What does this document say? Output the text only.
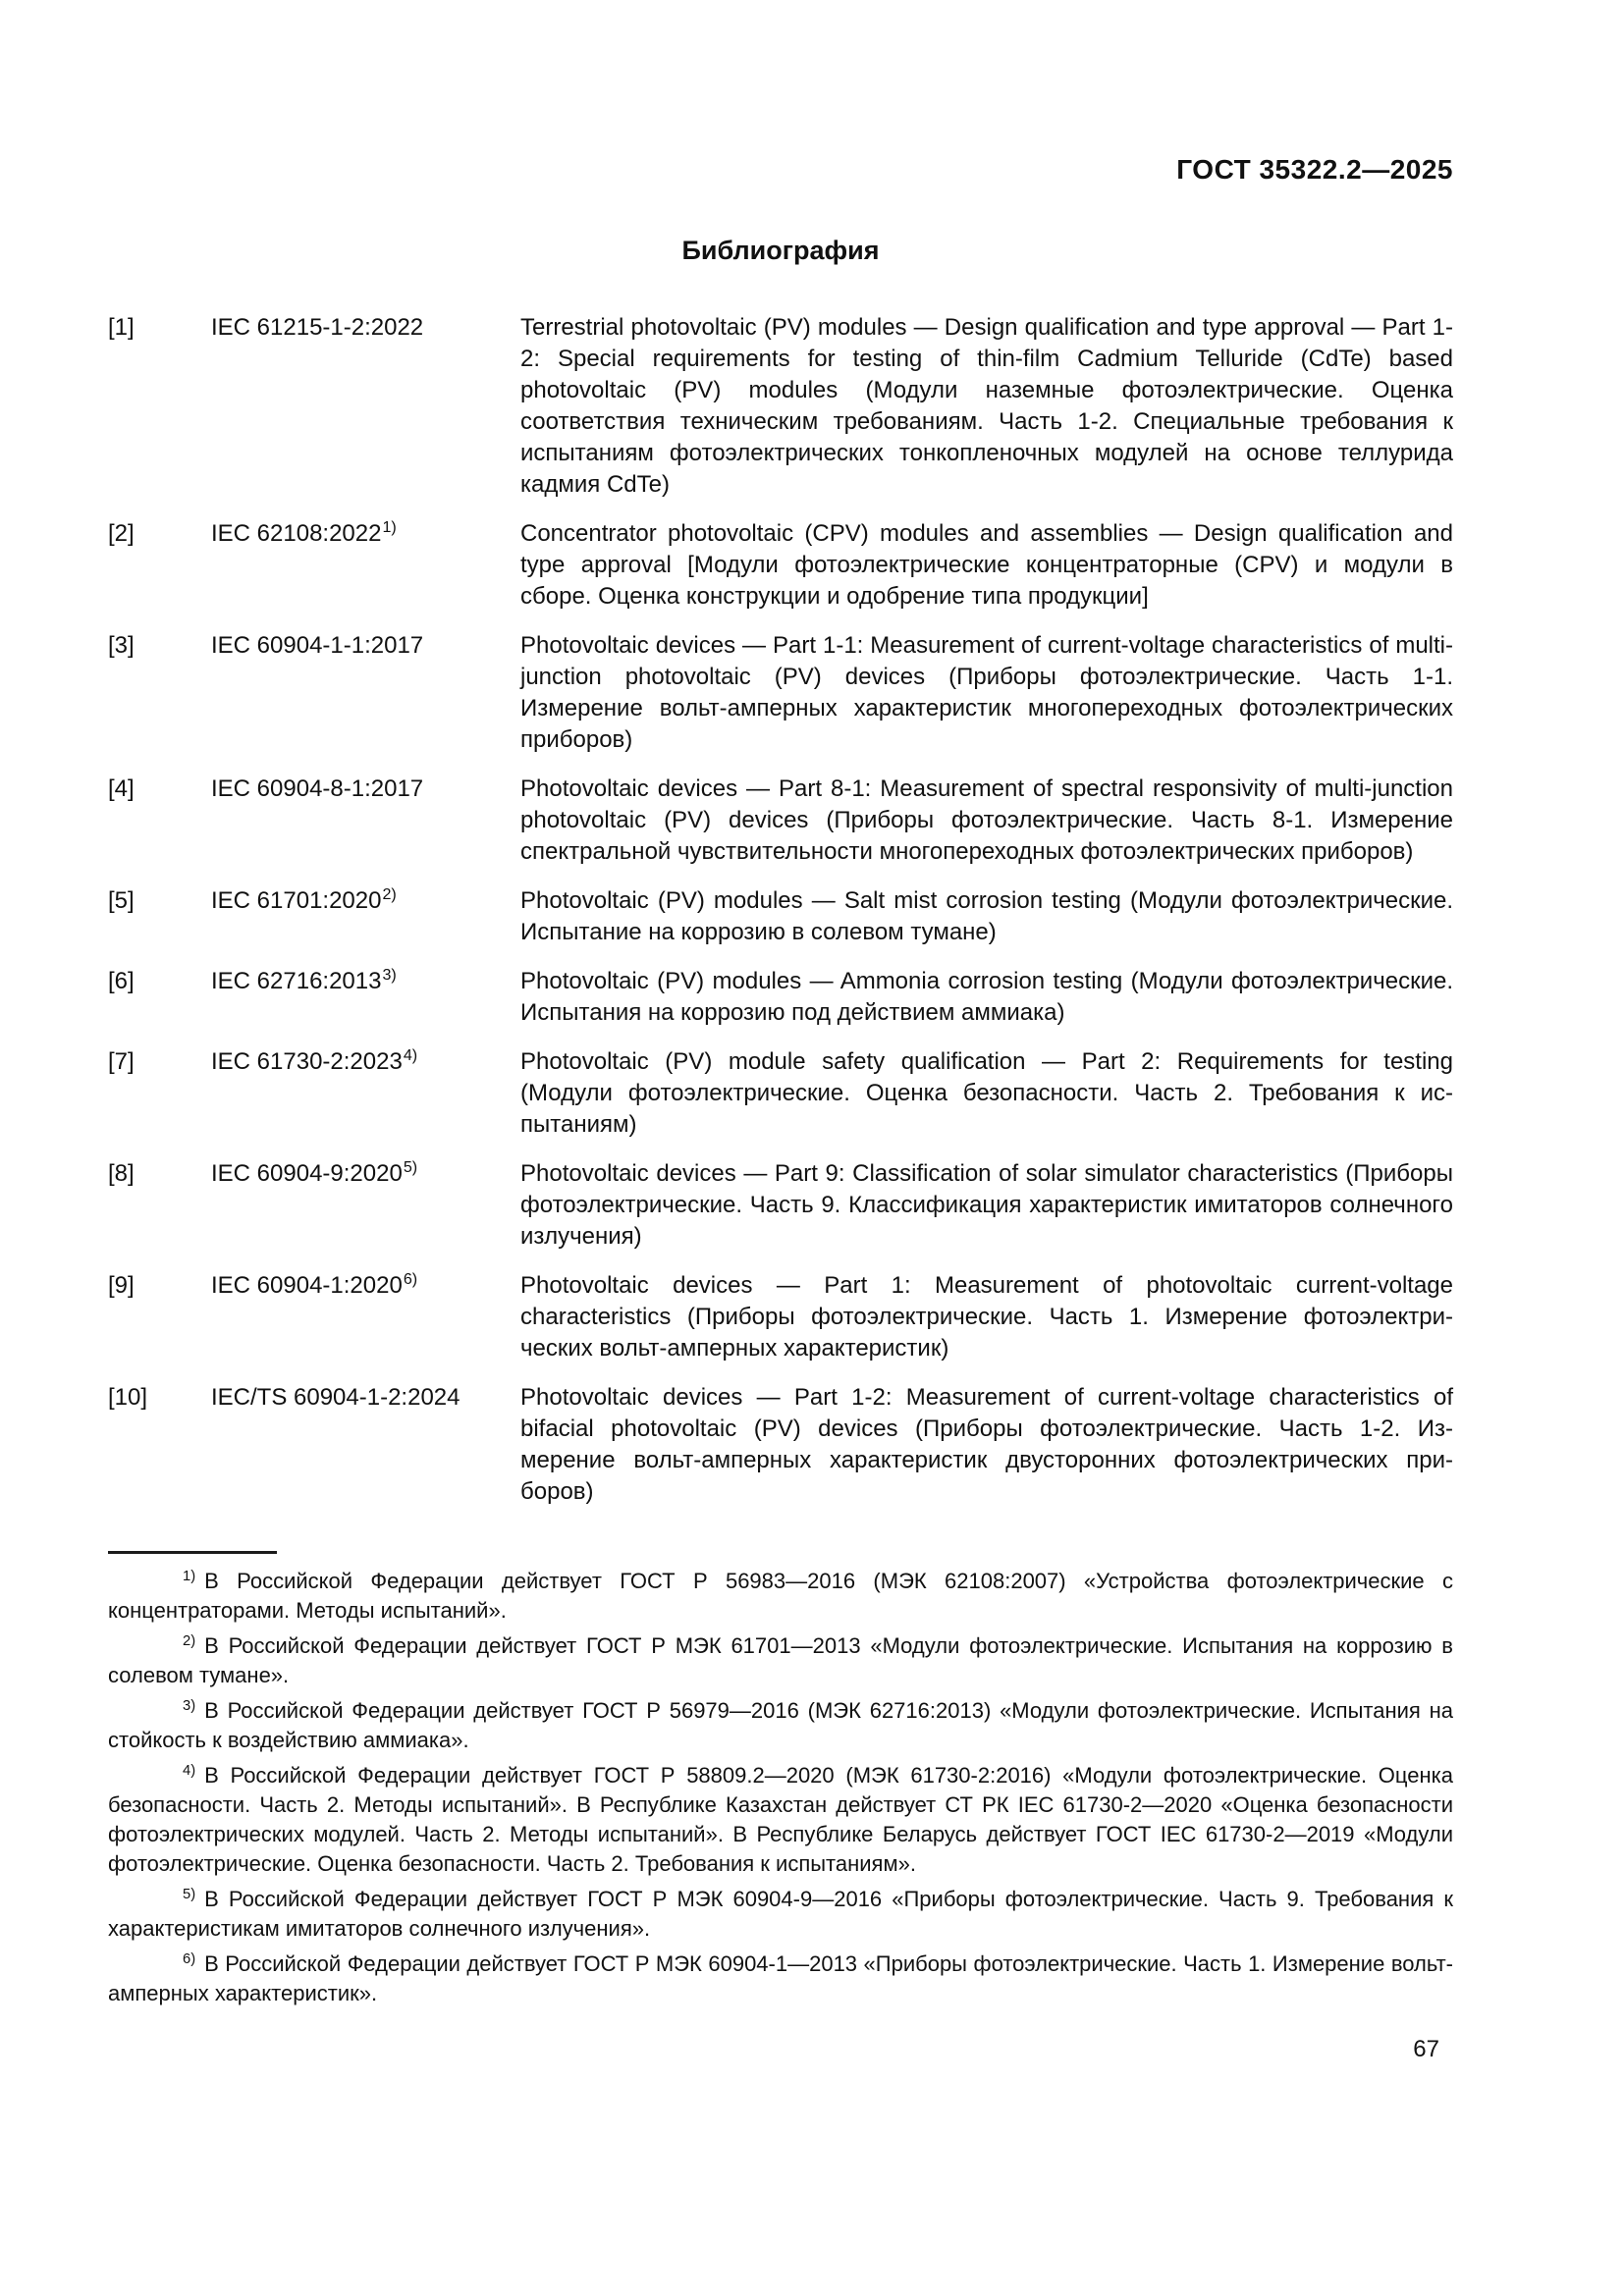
ГОСТ 35322.2—2025
Библиография
[1]	IEC 61215-1-2:2022	Terrestrial photovoltaic (PV) modules — Design qualification and type approval — Part 1-2: Special requirements for testing of thin-film Cadmium Telluride (CdTe) based photovoltaic (PV) modules (Модули наземные фотоэлектрические. Оценка соответствия техническим требованиям. Часть 1-2. Специальные требования к испытаниям фотоэлектрических тонкопленочных модулей на основе теллурида кадмия CdTe)
[2]	IEC 62108:2022$^{1)}$	Concentrator photovoltaic (CPV) modules and assemblies — Design qualification and type approval [Модули фотоэлектрические концентраторные (CPV) и модули в сборе. Оценка конструкции и одобрение типа продукции]
[3]	IEC 60904-1-1:2017	Photovoltaic devices — Part 1-1: Measurement of current-voltage characteristics of multi-junction photovoltaic (PV) devices (Приборы фотоэлектрические. Часть 1-1. Измерение вольт-амперных характеристик многопереходных фотоэлектрических приборов)
[4]	IEC 60904-8-1:2017	Photovoltaic devices — Part 8-1: Measurement of spectral responsivity of multi-junction photovoltaic (PV) devices (Приборы фотоэлектрические. Часть 8-1. Измерение спектральной чувствительности многопереходных фотоэлектрических приборов)
[5]	IEC 61701:2020$^{2)}$	Photovoltaic (PV) modules — Salt mist corrosion testing (Модули фотоэлектрические. Испытание на коррозию в солевом тумане)
[6]	IEC 62716:2013$^{3)}$	Photovoltaic (PV) modules — Ammonia corrosion testing (Модули фотоэлектрические. Испытания на коррозию под действием аммиака)
[7]	IEC 61730-2:2023$^{4)}$	Photovoltaic (PV) module safety qualification — Part 2: Requirements for testing (Модули фотоэлектрические. Оценка безопасности. Часть 2. Требования к испытаниям)
[8]	IEC 60904-9:2020$^{5)}$	Photovoltaic devices — Part 9: Classification of solar simulator characteristics (Приборы фотоэлектрические. Часть 9. Классификация характеристик имитаторов солнечного излучения)
[9]	IEC 60904-1:2020$^{6)}$	Photovoltaic devices — Part 1: Measurement of photovoltaic current-voltage characteristics (Приборы фотоэлектрические. Часть 1. Измерение фотоэлектрических вольт-амперных характеристик)
[10]	IEC/TS 60904-1-2:2024	Photovoltaic devices — Part 1-2: Measurement of current-voltage characteristics of bifacial photovoltaic (PV) devices (Приборы фотоэлектрические. Часть 1-2. Измерение вольт-амперных характеристик двусторонних фотоэлектрических приборов)

$^{1)}$ В Российской Федерации действует ГОСТ Р 56983—2016 (МЭК 62108:2007) «Устройства фотоэлектрические с концентраторами. Методы испытаний».

$^{2)}$ В Российской Федерации действует ГОСТ Р МЭК 61701—2013 «Модули фотоэлектрические. Испытания на коррозию в солевом тумане».

$^{3)}$ В Российской Федерации действует ГОСТ Р 56979—2016 (МЭК 62716:2013) «Модули фотоэлектрические. Испытания на стойкость к воздействию аммиака».

$^{4)}$ В Российской Федерации действует ГОСТ Р 58809.2—2020 (МЭК 61730-2:2016) «Модули фотоэлектрические. Оценка безопасности. Часть 2. Методы испытаний». В Республике Казахстан действует СТ РК IEC 61730-2—2020 «Оценка безопасности фотоэлектрических модулей. Часть 2. Методы испытаний». В Республике Беларусь действует ГОСТ IEC 61730-2—2019 «Модули фотоэлектрические. Оценка безопасности. Часть 2. Требования к испытаниям».

$^{5)}$ В Российской Федерации действует ГОСТ Р МЭК 60904-9—2016 «Приборы фотоэлектрические. Часть 9. Требования к характеристикам имитаторов солнечного излучения».

$^{6)}$ В Российской Федерации действует ГОСТ Р МЭК 60904-1—2013 «Приборы фотоэлектрические. Часть 1. Измерение вольт-амперных характеристик».

67
